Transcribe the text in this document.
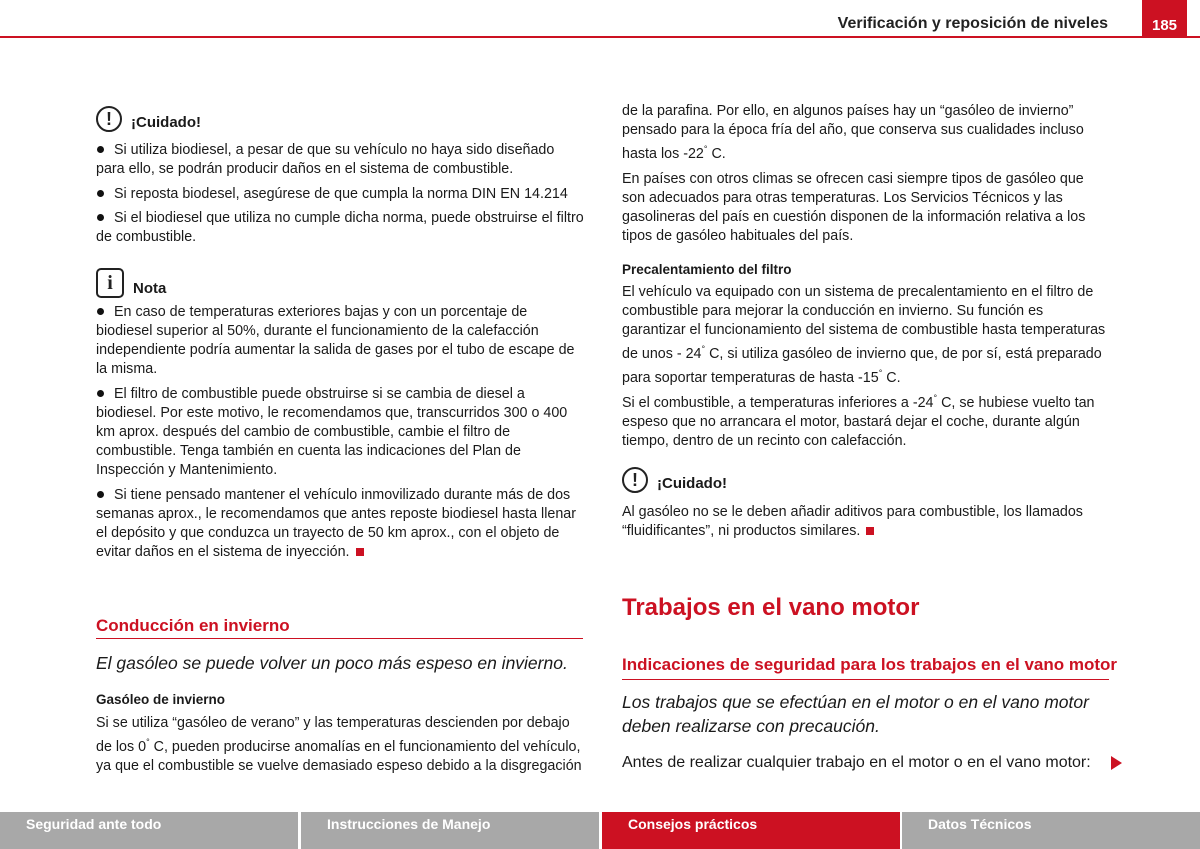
Verificación y reposición de niveles	185
!	¡Cuidado!
Si utiliza biodiesel, a pesar de que su vehículo no haya sido diseñado para ello, se podrán producir daños en el sistema de combustible.
Si reposta biodesel, asegúrese de que cumpla la norma DIN EN 14.214
Si el biodiesel que utiliza no cumple dicha norma, puede obstruirse el filtro de combustible.
i	Nota
En caso de temperaturas exteriores bajas y con un porcentaje de biodiesel superior al 50%, durante el funcionamiento de la calefacción independiente podría aumentar la salida de gases por el tubo de escape de la misma.
El filtro de combustible puede obstruirse si se cambia de diesel a biodiesel. Por este motivo, le recomendamos que, transcurridos 300 o 400 km aprox. después del cambio de combustible, cambie el filtro de combustible. Tenga también en cuenta las indicaciones del Plan de Inspección y Mantenimiento.
Si tiene pensado mantener el vehículo inmovilizado durante más de dos semanas aprox., le recomendamos que antes reposte biodiesel hasta llenar el depósito y que conduzca un trayecto de 50 km aprox., con el objeto de evitar daños en el sistema de inyección.
Conducción en invierno
El gasóleo se puede volver un poco más espeso en invierno.
Gasóleo de invierno
Si se utiliza “gasóleo de verano” y las temperaturas descienden por debajo de los 0° C, pueden producirse anomalías en el funcionamiento del vehículo, ya que el combustible se vuelve demasiado espeso debido a la disgregación
de la parafina. Por ello, en algunos países hay un “gasóleo de invierno” pensado para la época fría del año, que conserva sus cualidades incluso hasta los -22° C.
En países con otros climas se ofrecen casi siempre tipos de gasóleo que son adecuados para otras temperaturas. Los Servicios Técnicos y las gasolineras del país en cuestión disponen de la información relativa a los tipos de gasóleo habituales del país.
Precalentamiento del filtro
El vehículo va equipado con un sistema de precalentamiento en el filtro de combustible para mejorar la conducción en invierno. Su función es garantizar el funcionamiento del sistema de combustible hasta temperaturas de unos - 24° C, si utiliza gasóleo de invierno que, de por sí, está preparado para soportar temperaturas de hasta -15° C.
Si el combustible, a temperaturas inferiores a -24° C, se hubiese vuelto tan espeso que no arrancara el motor, bastará dejar el coche, durante algún tiempo, dentro de un recinto con calefacción.
!	¡Cuidado!
Al gasóleo no se le deben añadir aditivos para combustible, los llamados “fluidificantes”, ni productos similares.
Trabajos en el vano motor
Indicaciones de seguridad para los trabajos en el vano motor
Los trabajos que se efectúan en el motor o en el vano motor deben realizarse con precaución.
Antes de realizar cualquier trabajo en el motor o en el vano motor:
Seguridad ante todo	Instrucciones de Manejo	Consejos prácticos	Datos Técnicos
